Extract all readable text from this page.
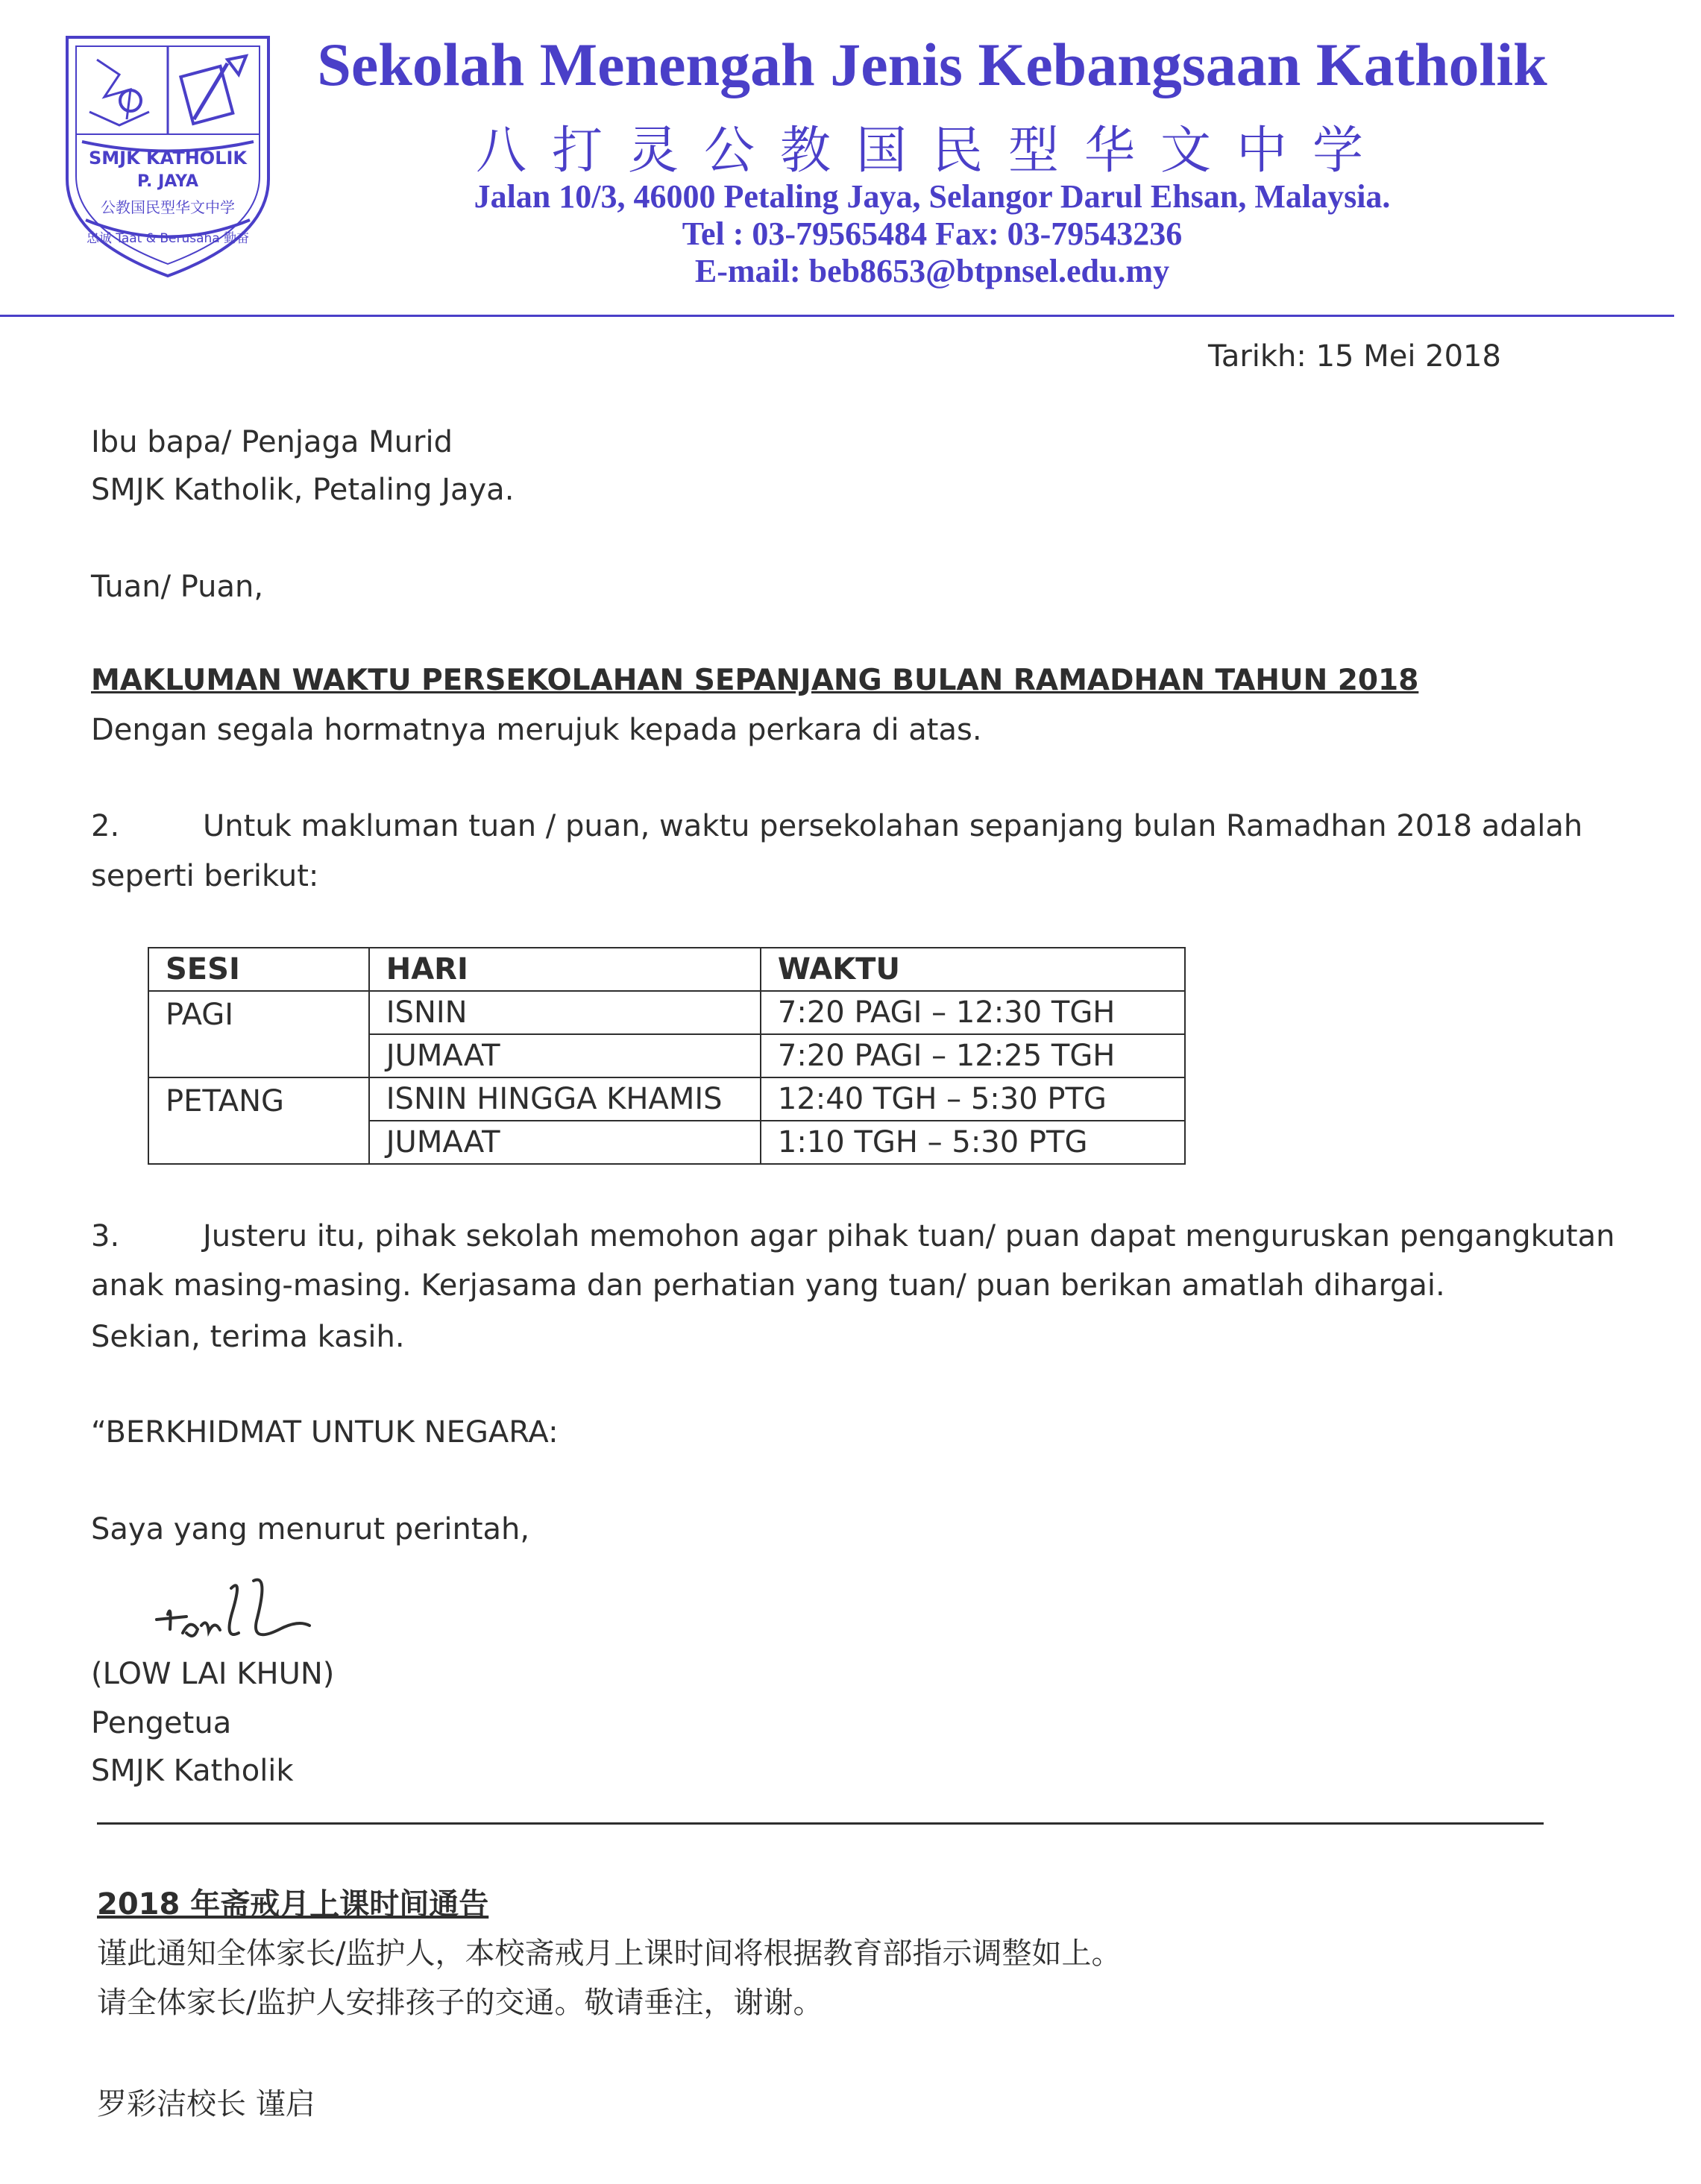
SMJK KATHOLIK
P. JAYA
公教国民型华文中学
忠诚 Taat & Berusaha 勤奋
Sekolah Menengah Jenis Kebangsaan Katholik
八打灵公教国民型华文中学
Jalan 10/3, 46000 Petaling Jaya, Selangor Darul Ehsan, Malaysia.
Tel : 03-79565484 Fax: 03-79543236
E-mail: beb8653@btpnsel.edu.my
Tarikh: 15 Mei 2018
Ibu bapa/ Penjaga Murid
SMJK Katholik, Petaling Jaya.
Tuan/ Puan,
MAKLUMAN WAKTU PERSEKOLAHAN SEPANJANG BULAN RAMADHAN TAHUN 2018
Dengan segala hormatnya merujuk kepada perkara di atas.
2.	Untuk makluman tuan / puan, waktu persekolahan sepanjang bulan Ramadhan 2018 adalah
seperti berikut:
SESI	HARI	WAKTU
PAGI	ISNIN	7:20 PAGI – 12:30 TGH
	JUMAAT	7:20 PAGI – 12:25 TGH
PETANG	ISNIN HINGGA KHAMIS	12:40 TGH – 5:30 PTG
	JUMAAT	1:10 TGH – 5:30 PTG
3.	Justeru itu, pihak sekolah memohon agar pihak tuan/ puan dapat menguruskan pengangkutan
anak masing-masing. Kerjasama dan perhatian yang tuan/ puan berikan amatlah dihargai.
Sekian, terima kasih.
“BERKHIDMAT UNTUK NEGARA:
Saya yang menurut perintah,
(LOW LAI KHUN)
Pengetua
SMJK Katholik
2018 年斋戒月上课时间通告
谨此通知全体家长/监护人，本校斋戒月上课时间将根据教育部指示调整如上。
请全体家长/监护人安排孩子的交通。敬请垂注，谢谢。
罗彩洁校长 谨启
